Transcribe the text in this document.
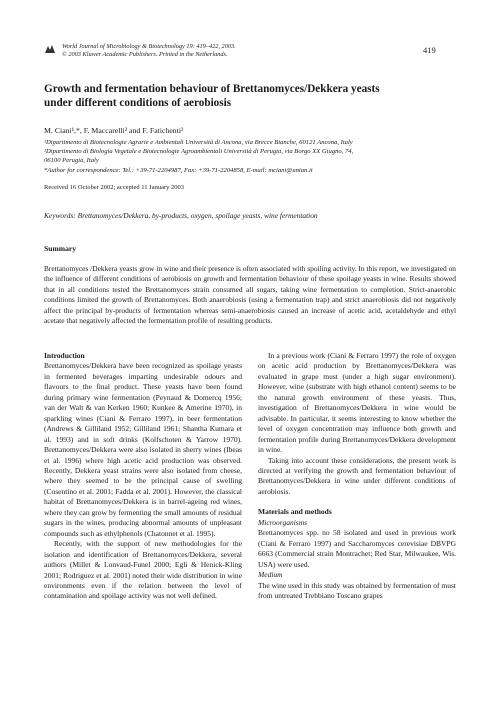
World Journal of Microbiology & Biotechnology 19: 419–422, 2003.
© 2003 Kluwer Academic Publishers. Printed in the Netherlands.	419
Growth and fermentation behaviour of Brettanomyces/Dekkera yeasts
under different conditions of aerobiosis
M. Ciani¹,*, F. Maccarelli² and F. Fatichenti²
¹Dipartimento di Biotecnologie Agrarie e Ambientali Università di Ancona, via Brecce Bianche, 60121 Ancona, Italy
²Dipartimento di Biologia Vegetale e Biotecnologie Agroambientali Università di Perugia, via Borgo XX Giugno, 74,
06100 Perugia, Italy
*Author for correspondence: Tel.: +39-71-2204987, Fax: +39-71-2204858, E-mail: mciani@unian.it
Received 16 October 2002; accepted 11 January 2003
Keywords: Brettanomyces/Dekkera, by-products, oxygen, spoilage yeasts, wine fermentation
Summary
Brettanomyces /Dekkera yeasts grow in wine and their presence is often associated with spoiling activity. In this report, we investigated on the influence of different conditions of aerobiosis on growth and fermentation behaviour of these spoilage yeasts in wine. Results showed that in all conditions tested the Brettanomyces strain consumed all sugars, taking wine fermentation to completion. Strict-anaerobic conditions limited the growth of Brettanomyces. Both anaerobiosis (using a fermentation trap) and strict anaerobiosis did not negatively affect the principal by-products of fermentation whereas semi-anaerobiosis caused an increase of acetic acid, acetaldehyde and ethyl acetate that negatively affected the fermentation profile of resulting products.

Introduction

Brettanomyces/Dekkera have been recognized as spoilage yeasts in fermented beverages imparting undesirable odours and flavours to the final product. These yeasts have been found during primary wine fermentation (Peynaud & Domercq 1956; van der Walt & van Kerken 1960; Kunkee & Amerine 1970), in sparkling wines (Ciani & Ferraro 1997), in beer fermentation (Andrews & Gilliland 1952; Gilliland 1961; Shantha Kumara et al. 1993) and in soft drinks (Kolfschoten & Yarrow 1970). Brettanomyces/Dekkera were also isolated in sherry wines (Ibeas et al. 1996) where high acetic acid production was observed. Recently, Dekkera yeast strains were also isolated from cheese, where they seemed to be the principal cause of swelling (Cosentino et al. 2001; Fadda et al. 2001). However, the classical habitat of Brettanomyces/Dekkera is in barrel-ageing red wines, where they can grow by fermenting the small amounts of residual sugars in the wines, producing abnormal amounts of unpleasant compounds such as ethylphenols (Chatonnet et al. 1995).

Recently, with the support of new methodologies for the isolation and identification of Brettanomyces/Dekkera, several authors (Millet & Lonvaud-Funel 2000; Egli & Henick-Kling 2001; Rodriguez et al. 2001) noted their wide distribution in wine environments even if the relation between the level of contamination and spoilage activity was not well defined.

In a previous work (Ciani & Ferraro 1997) the role of oxygen on acetic acid production by Brettanomyces/Dekkera was evaluated in grape must (under a high sugar environment). However, wine (substrate with high ethanol content) seems to be the natural growth environment of these yeasts. Thus, investigation of Brettanomyces/Dekkera in wine would be advisable. In particular, it seems interesting to know whether the level of oxygen concentration may influence both growth and fermentation profile during Brettanomyces/Dekkera development in wine.

Taking into account these considerations, the present work is directed at verifying the growth and fermentation behaviour of Brettanomyces/Dekkera in wine under different conditions of aerobiosis.

Materials and methods

Microorganisms

Brettanomyces spp. no 58 isolated and used in previous work (Ciani & Ferraro 1997) and Saccharomyces cerevisiae DBVPG 6663 (Commercial strain Montrachet; Red Star, Milwaukee, Wis. USA) were used.

Medium

The wine used in this study was obtained by fermentation of must from untreated Trebbiano Toscano grapes
